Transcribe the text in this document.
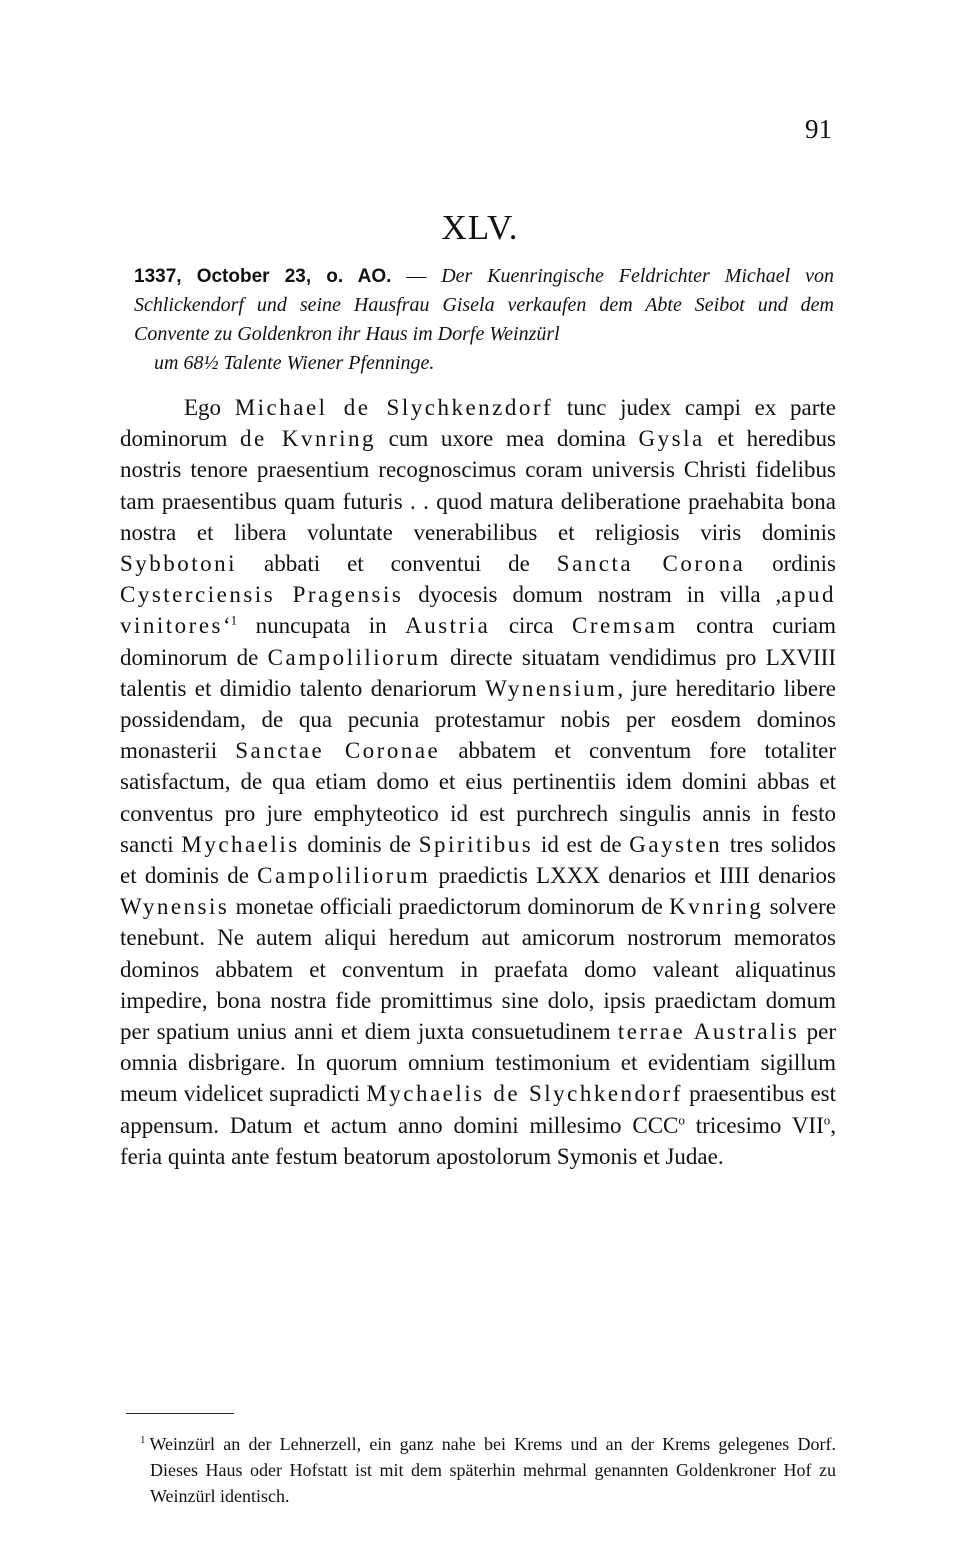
91
XLV.
1337, October 23, o. AO. — Der Kuenringische Feldrichter Michael von Schlickendorf und seine Hausfrau Gisela verkaufen dem Abte Seibot und dem Convente zu Goldenkron ihr Haus im Dorfe Weinzürl
um 68½ Talente Wiener Pfenninge.

Ego Michael de Slychkenzdorf tunc judex campi ex parte dominorum de Kvnring cum uxore mea domina Gysla et heredibus nostris tenore praesentium recognoscimus coram universis Christi fidelibus tam praesentibus quam futuris . . quod matura deliberatione praehabita bona nostra et libera voluntate venerabilibus et religiosis viris dominis Sybbotoni abbati et conventui de Sancta Corona ordinis Cysterciensis Pragensis dyocesis domum nostram in villa ,apud vinitores‘$^1$ nuncupata in Austria circa Cremsam contra curiam dominorum de Campoliliorum directe situatam vendidimus pro LXVIII talentis et dimidio talento denariorum Wynensium, jure hereditario libere possidendam, de qua pecunia protestamur nobis per eosdem dominos monasterii Sanctae Coronae abbatem et conventum fore totaliter satisfactum, de qua etiam domo et eius pertinentiis idem domini abbas et conventus pro jure emphyteotico id est purchrech singulis annis in festo sancti Mychaelis dominis de Spiritibus id est de Gaysten tres solidos et dominis de Campoliliorum praedictis LXXX denarios et IIII denarios Wynensis monetae officiali praedictorum dominorum de Kvnring solvere tenebunt. Ne autem aliqui heredum aut amicorum nostrorum memoratos dominos abbatem et conventum in praefata domo valeant aliquatinus impedire, bona nostra fide promittimus sine dolo, ipsis praedictam domum per spatium unius anni et diem juxta consuetudinem terrae Australis per omnia disbrigare. In quorum omnium testimonium et evidentiam sigillum meum videlicet supradicti Mychaelis de Slychkendorf praesentibus est appensum. Datum et actum anno domini millesimo CCC$^o$ tricesimo VII$^o$, feria quinta ante festum beatorum apostolorum Symonis et Judae.

$^1$ Weinzürl an der Lehnerzell, ein ganz nahe bei Krems und an der Krems gelegenes Dorf. Dieses Haus oder Hofstatt ist mit dem späterhin mehrmal genannten Goldenkroner Hof zu Weinzürl identisch.
